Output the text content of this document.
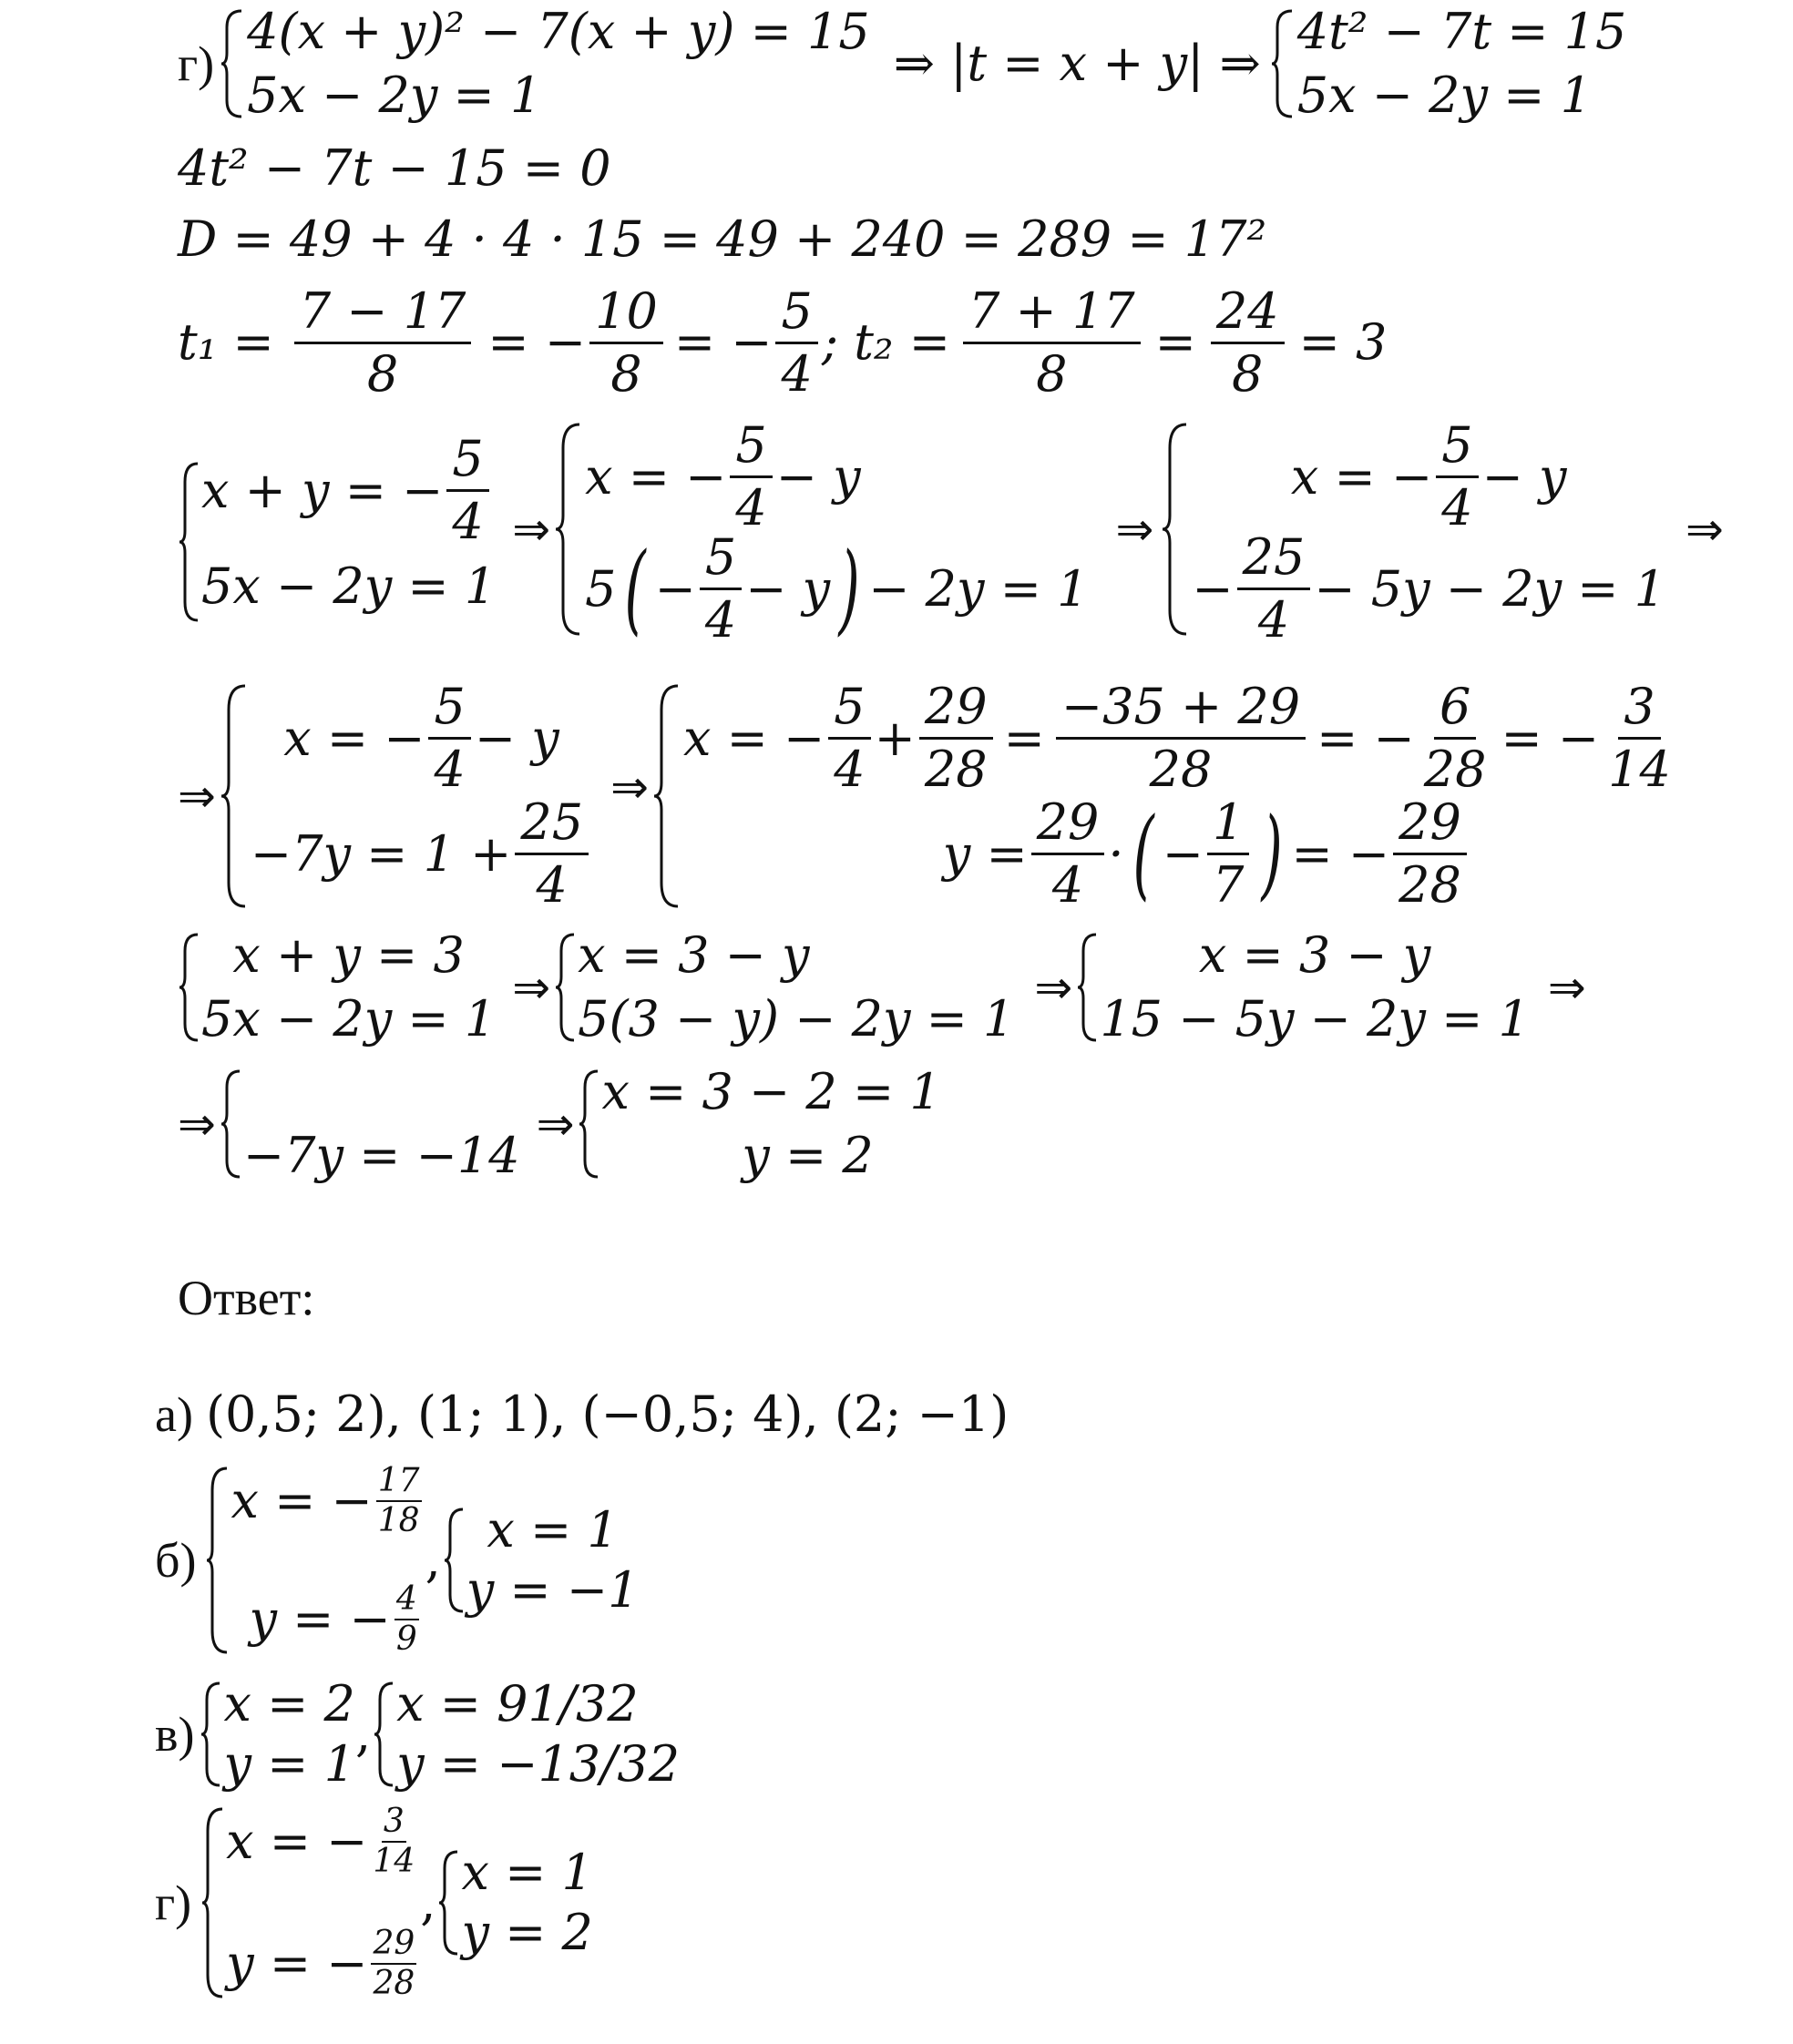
г)
4(x + y)² − 7(x + y) = 15
5x − 2y = 1
⇒ |t = x + y| ⇒
4t² − 7t = 15
5x − 2y = 1
4t² − 7t − 15 = 0
D = 49 + 4 · 4 · 15 = 49 + 240 = 289 = 17²
$t_1 = \frac{7 - 17}{8}$ = − $\frac{10}{8}$ = − $\frac{5}{4}$ ; $t_2 = \frac{7 + 17}{8} = \frac{24}{8} = 3$
x + y = − $\frac{5}{4}$
5x − 2y = 1
⇒
x = − $\frac{5}{4} - y$
5 ( − $\frac{5}{4} - y$ ) − 2y = 1
⇒
x = − $\frac{5}{4} - y$
− $\frac{25}{4} - 5y - 2y = 1$
⇒
⇒
x = − $\frac{5}{4} - y$
$-7y = 1 + \frac{25}{4}$
⇒
x = − $\frac{5}{4} + \frac{29}{28} = \frac{-35 + 29}{28}$ = − $\frac{6}{28}$ = − $\frac{3}{14}$
$y = \frac{29}{4}$ · ( − $\frac{1}{7}$ ) = − $\frac{29}{28}$
x + y = 3
5x − 2y = 1
⇒
x = 3 − y
5(3 − y) − 2y = 1
⇒
x = 3 − y
15 − 5y − 2y = 1
⇒
⇒

−7y = −14
⇒
x = 3 − 2 = 1
y = 2
Ответ:
а) (0,5; 2), (1; 1), (−0,5; 4), (2; −1)
б)
x = − $\frac{17}{18}$
y = − $\frac{4}{9}$
,
x = 1
y = −1
в)
x = 2
y = 1
,
x = 91/32
y = −13/32
г)
x = − $\frac{3}{14}$
y = − $\frac{29}{28}$
,
x = 1
y = 2
